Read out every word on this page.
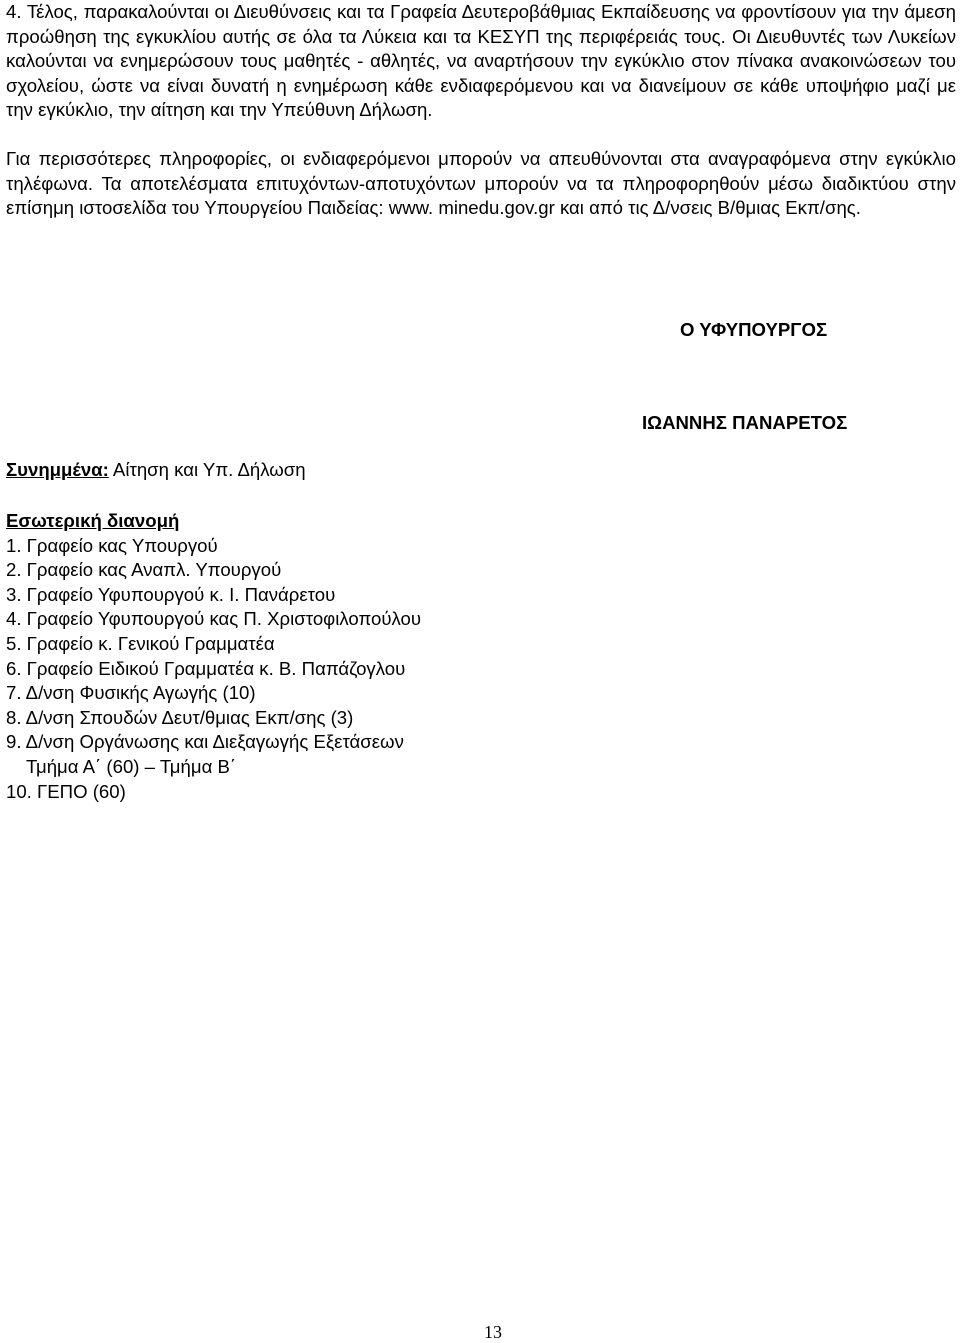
4. Τέλος, παρακαλούνται οι Διευθύνσεις και τα Γραφεία Δευτεροβάθμιας Εκπαίδευσης να φροντίσουν για την άμεση προώθηση της εγκυκλίου αυτής σε όλα τα Λύκεια και τα ΚΕΣΥΠ της περιφέρειάς τους. Οι Διευθυντές των Λυκείων καλούνται να ενημερώσουν τους μαθητές - αθλητές, να αναρτήσουν την εγκύκλιο στον πίνακα ανακοινώσεων του σχολείου, ώστε να είναι δυνατή η ενημέρωση κάθε ενδιαφερόμενου και να διανείμουν σε κάθε υποψήφιο μαζί με την εγκύκλιο, την αίτηση και την Υπεύθυνη Δήλωση.

Για περισσότερες πληροφορίες, οι ενδιαφερόμενοι μπορούν να απευθύνονται στα αναγραφόμενα στην εγκύκλιο τηλέφωνα. Τα αποτελέσματα επιτυχόντων-αποτυχόντων μπορούν να τα πληροφορηθούν μέσω διαδικτύου στην επίσημη ιστοσελίδα του Υπουργείου Παιδείας: www. minedu.gov.gr και από τις Δ/νσεις Β/θμιας Εκπ/σης.

Ο ΥΦΥΠΟΥΡΓΟΣ
ΙΩΑΝΝΗΣ ΠΑΝΑΡΕΤΟΣ
Συνημμένα: Αίτηση και Υπ. Δήλωση
Εσωτερική διανομή
1. Γραφείο κας Υπουργού
2. Γραφείο κας Αναπλ. Υπουργού
3. Γραφείο Υφυπουργού κ. Ι. Πανάρετου
4. Γραφείο Υφυπουργού κας Π. Χριστοφιλοπούλου
5. Γραφείο κ. Γενικού Γραμματέα
6. Γραφείο Ειδικού Γραμματέα κ. Β. Παπάζογλου
7. Δ/νση Φυσικής Αγωγής (10)
8. Δ/νση Σπουδών Δευτ/θμιας Εκπ/σης (3)
9. Δ/νση Οργάνωσης και Διεξαγωγής Εξετάσεων
Τμήμα Α΄ (60) – Τμήμα Β΄
10. ΓΕΠΟ (60)
13
